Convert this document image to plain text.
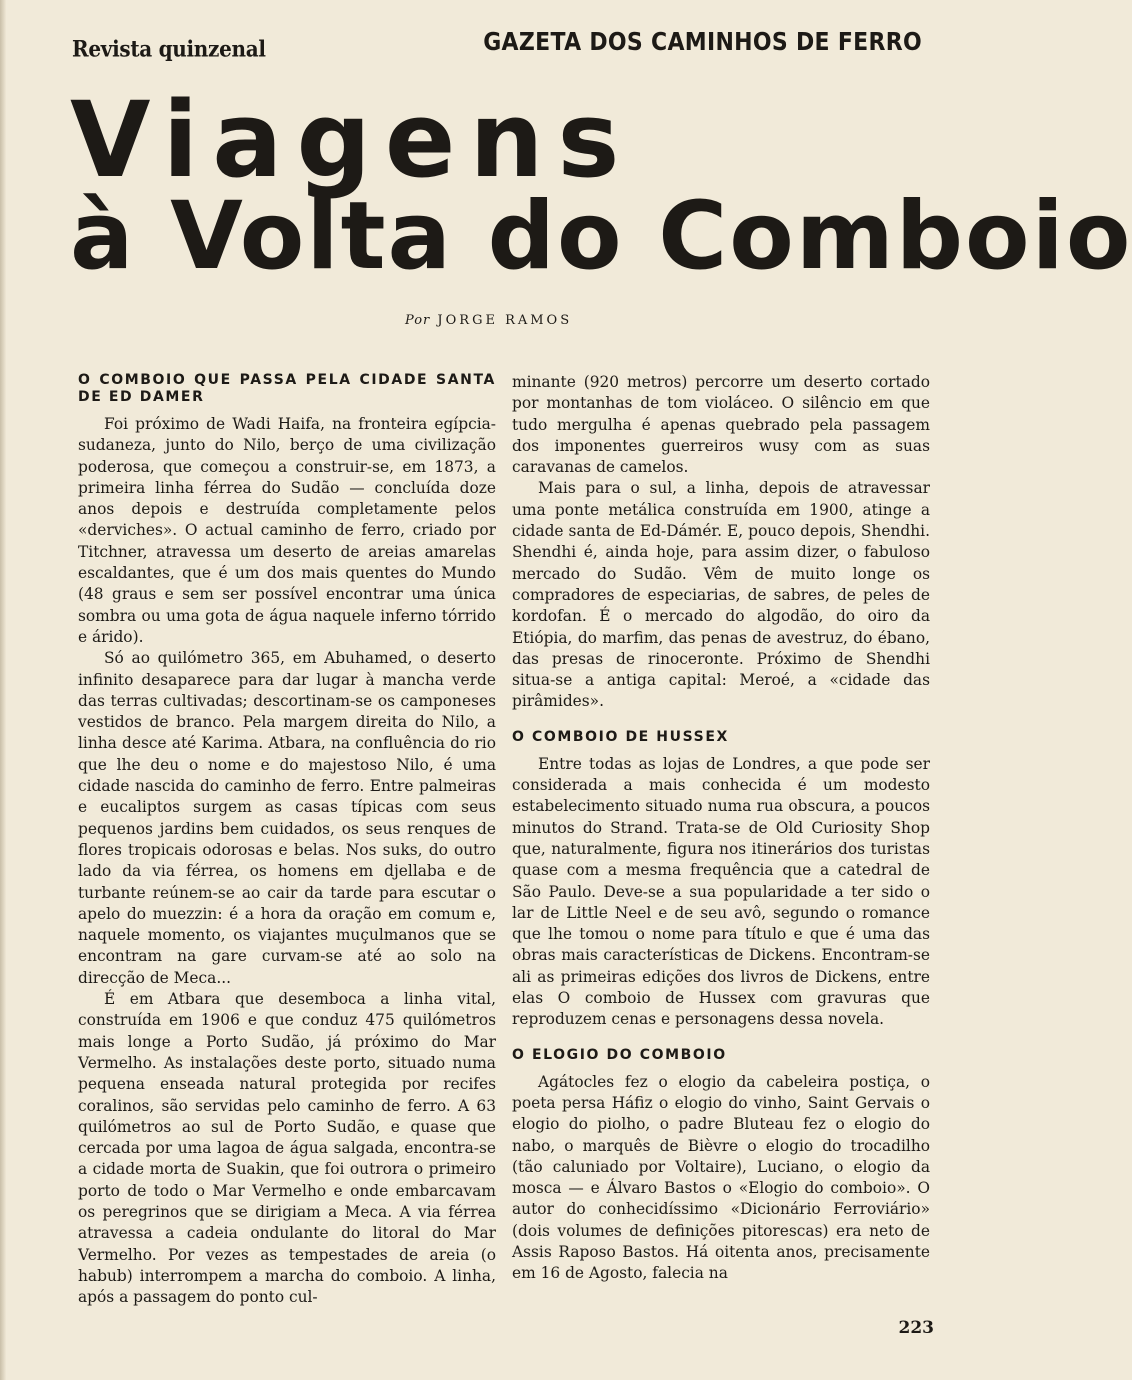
Revista quinzenal	GAZETA DOS CAMINHOS DE FERRO
Viagens
à Volta do Comboio
Por JORGE RAMOS
O COMBOIO QUE PASSA PELA CIDADE SANTA DE ED DAMER

Foi próximo de Wadi Haifa, na fronteira egípcia-sudaneza, junto do Nilo, berço de uma civilização poderosa, que começou a construir-se, em 1873, a primeira linha férrea do Sudão — concluída doze anos depois e destruída completamente pelos «derviches». O actual caminho de ferro, criado por Titchner, atravessa um deserto de areias amarelas escaldantes, que é um dos mais quentes do Mundo (48 graus e sem ser possível encontrar uma única sombra ou uma gota de água naquele inferno tórrido e árido).

Só ao quilómetro 365, em Abuhamed, o deserto infinito desaparece para dar lugar à mancha verde das terras cultivadas; descortinam-se os camponeses vestidos de branco. Pela margem direita do Nilo, a linha desce até Karima. Atbara, na confluência do rio que lhe deu o nome e do majestoso Nilo, é uma cidade nascida do caminho de ferro. Entre palmeiras e eucaliptos surgem as casas típicas com seus pequenos jardins bem cuidados, os seus renques de flores tropicais odorosas e belas. Nos suks, do outro lado da via férrea, os homens em djellaba e de turbante reúnem-se ao cair da tarde para escutar o apelo do muezzin: é a hora da oração em comum e, naquele momento, os viajantes muçulmanos que se encontram na gare curvam-se até ao solo na direcção de Meca...

É em Atbara que desemboca a linha vital, construída em 1906 e que conduz 475 quilómetros mais longe a Porto Sudão, já próximo do Mar Vermelho. As instalações deste porto, situado numa pequena enseada natural protegida por recifes coralinos, são servidas pelo caminho de ferro. A 63 quilómetros ao sul de Porto Sudão, e quase que cercada por uma lagoa de água salgada, encontra-se a cidade morta de Suakin, que foi outrora o primeiro porto de todo o Mar Vermelho e onde embarcavam os peregrinos que se dirigiam a Meca. A via férrea atravessa a cadeia ondulante do litoral do Mar Vermelho. Por vezes as tempestades de areia (o habub) interrompem a marcha do comboio. A linha, após a passagem do ponto cul-

minante (920 metros) percorre um deserto cortado por montanhas de tom violáceo. O silêncio em que tudo mergulha é apenas quebrado pela passagem dos imponentes guerreiros wusy com as suas caravanas de camelos.

Mais para o sul, a linha, depois de atravessar uma ponte metálica construída em 1900, atinge a cidade santa de Ed-Dámér. E, pouco depois, Shendhi. Shendhi é, ainda hoje, para assim dizer, o fabuloso mercado do Sudão. Vêm de muito longe os compradores de especiarias, de sabres, de peles de kordofan. É o mercado do algodão, do oiro da Etiópia, do marfim, das penas de avestruz, do ébano, das presas de rinoceronte. Próximo de Shendhi situa-se a antiga capital: Meroé, a «cidade das pirâmides».

O COMBOIO DE HUSSEX

Entre todas as lojas de Londres, a que pode ser considerada a mais conhecida é um modesto estabelecimento situado numa rua obscura, a poucos minutos do Strand. Trata-se de Old Curiosity Shop que, naturalmente, figura nos itinerários dos turistas quase com a mesma frequência que a catedral de São Paulo. Deve-se a sua popularidade a ter sido o lar de Little Neel e de seu avô, segundo o romance que lhe tomou o nome para título e que é uma das obras mais características de Dickens. Encontram-se ali as primeiras edições dos livros de Dickens, entre elas O comboio de Hussex com gravuras que reproduzem cenas e personagens dessa novela.

O ELOGIO DO COMBOIO

Agátocles fez o elogio da cabeleira postiça, o poeta persa Háfiz o elogio do vinho, Saint Gervais o elogio do piolho, o padre Bluteau fez o elogio do nabo, o marquês de Bièvre o elogio do trocadilho (tão caluniado por Voltaire), Luciano, o elogio da mosca — e Álvaro Bastos o «Elogio do comboio». O autor do conhecidíssimo «Dicionário Ferroviário» (dois volumes de definições pitorescas) era neto de Assis Raposo Bastos. Há oitenta anos, precisamente em 16 de Agosto, falecia na

223
